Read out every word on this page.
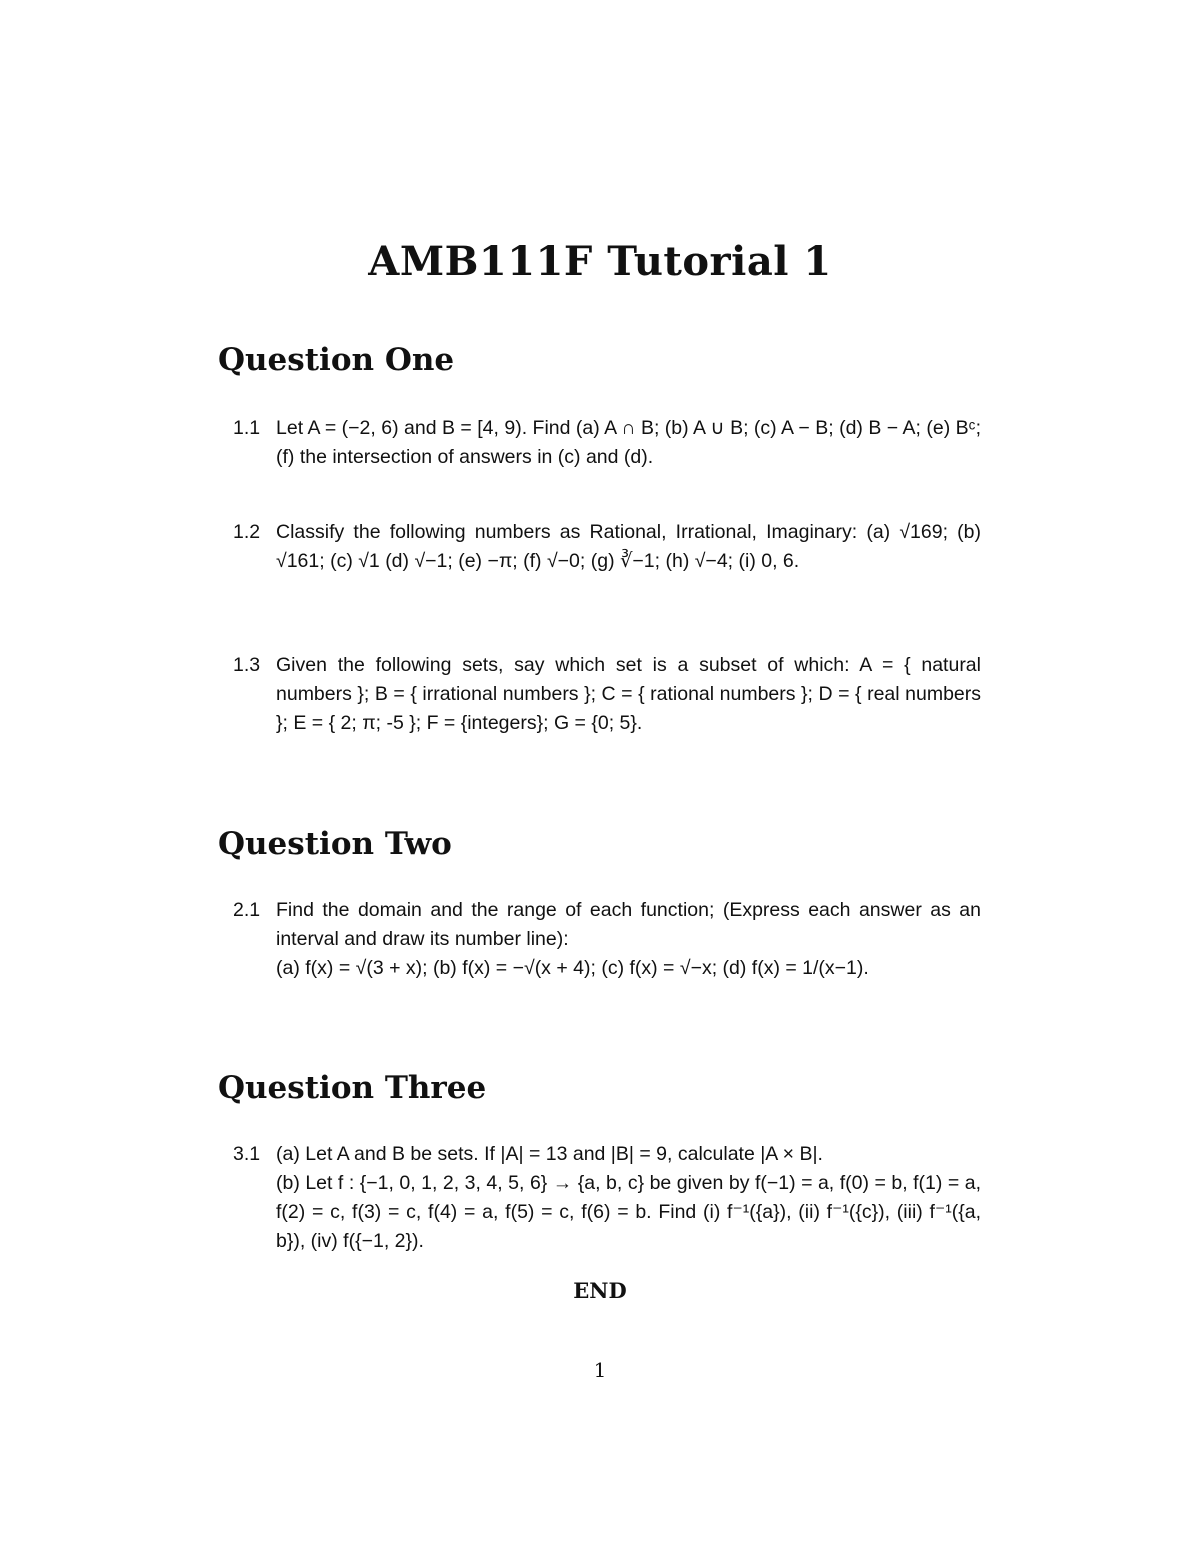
AMB111F Tutorial 1
Question One
1.1 Let A = (−2, 6) and B = [4, 9). Find (a) A ∩ B; (b) A ∪ B; (c) A − B; (d) B − A; (e) Bᶜ; (f) the intersection of answers in (c) and (d).

1.2 Classify the following numbers as Rational, Irrational, Imaginary: (a) √169; (b) √161; (c) √1 (d) √−1; (e) −π; (f) √−0; (g) ∛−1; (h) √−4; (i) 0, 6.

1.3 Given the following sets, say which set is a subset of which: A = { natural numbers }; B = { irrational numbers }; C = { rational numbers }; D = { real numbers }; E = { 2; π; -5 }; F = {integers}; G = {0; 5}.

Question Two
2.1 Find the domain and the range of each function; (Express each answer as an interval and draw its number line):

(a) f(x) = √(3 + x); (b) f(x) = −√(x + 4); (c) f(x) = √−x; (d) f(x) = 1/(x−1).

Question Three
3.1 (a) Let A and B be sets. If |A| = 13 and |B| = 9, calculate |A × B|.

(b) Let f : {−1, 0, 1, 2, 3, 4, 5, 6} → {a, b, c} be given by f(−1) = a, f(0) = b, f(1) = a, f(2) = c, f(3) = c, f(4) = a, f(5) = c, f(6) = b. Find (i) f⁻¹({a}), (ii) f⁻¹({c}), (iii) f⁻¹({a, b}), (iv) f({−1, 2}).

END
1
